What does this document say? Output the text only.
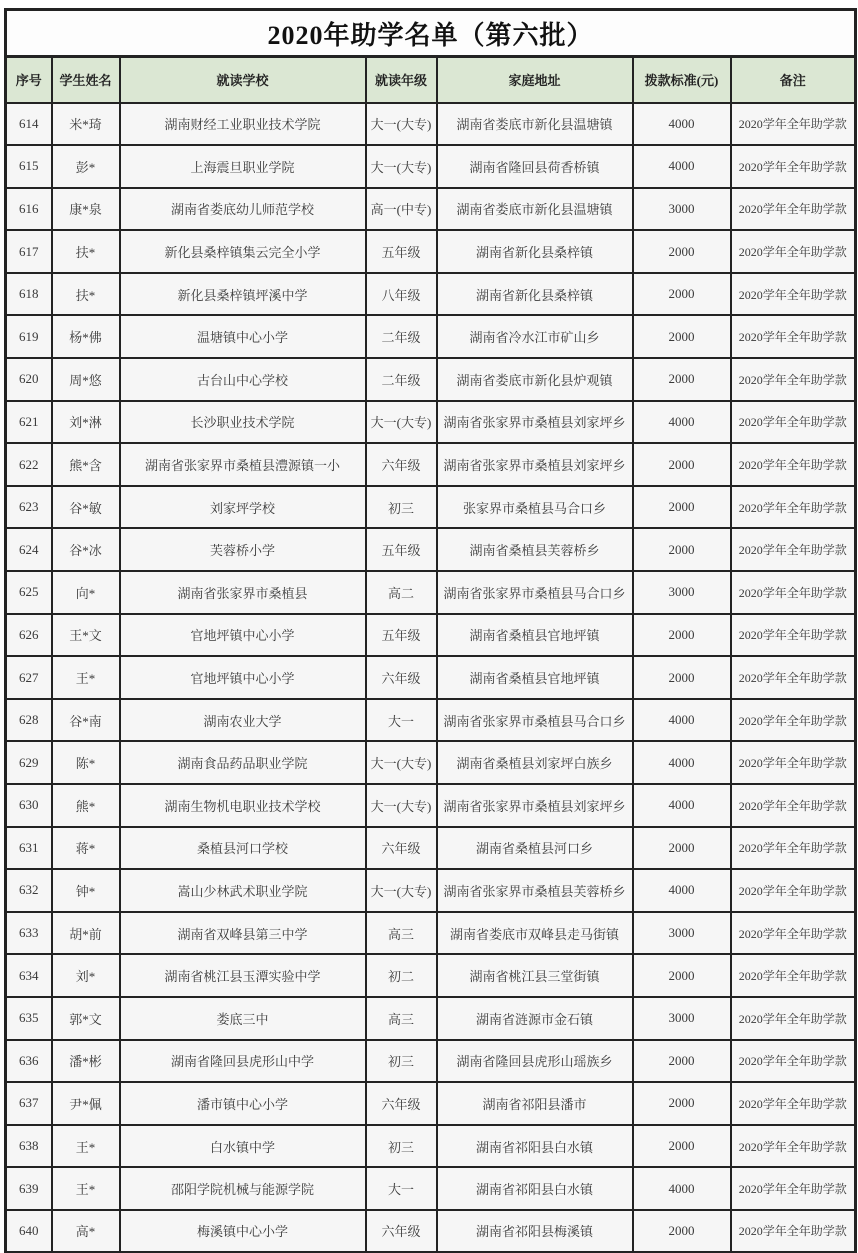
2020年助学名单（第六批）						
序号	学生姓名	就读学校	就读年级	家庭地址	拨款标准(元)	备注
614	米*琦	湖南财经工业职业技术学院	大一(大专)	湖南省娄底市新化县温塘镇	4000	2020学年全年助学款
615	彭*	上海震旦职业学院	大一(大专)	湖南省隆回县荷香桥镇	4000	2020学年全年助学款
616	康*泉	湖南省娄底幼儿师范学校	高一(中专)	湖南省娄底市新化县温塘镇	3000	2020学年全年助学款
617	扶*	新化县桑梓镇集云完全小学	五年级	湖南省新化县桑梓镇	2000	2020学年全年助学款
618	扶*	新化县桑梓镇坪溪中学	八年级	湖南省新化县桑梓镇	2000	2020学年全年助学款
619	杨*佛	温塘镇中心小学	二年级	湖南省冷水江市矿山乡	2000	2020学年全年助学款
620	周*悠	古台山中心学校	二年级	湖南省娄底市新化县炉观镇	2000	2020学年全年助学款
621	刘*淋	长沙职业技术学院	大一(大专)	湖南省张家界市桑植县刘家坪乡	4000	2020学年全年助学款
622	熊*含	湖南省张家界市桑植县澧源镇一小	六年级	湖南省张家界市桑植县刘家坪乡	2000	2020学年全年助学款
623	谷*敏	刘家坪学校	初三	张家界市桑植县马合口乡	2000	2020学年全年助学款
624	谷*冰	芙蓉桥小学	五年级	湖南省桑植县芙蓉桥乡	2000	2020学年全年助学款
625	向*	湖南省张家界市桑植县	高二	湖南省张家界市桑植县马合口乡	3000	2020学年全年助学款
626	王*文	官地坪镇中心小学	五年级	湖南省桑植县官地坪镇	2000	2020学年全年助学款
627	王*	官地坪镇中心小学	六年级	湖南省桑植县官地坪镇	2000	2020学年全年助学款
628	谷*南	湖南农业大学	大一	湖南省张家界市桑植县马合口乡	4000	2020学年全年助学款
629	陈*	湖南食品药品职业学院	大一(大专)	湖南省桑植县刘家坪白族乡	4000	2020学年全年助学款
630	熊*	湖南生物机电职业技术学校	大一(大专)	湖南省张家界市桑植县刘家坪乡	4000	2020学年全年助学款
631	蒋*	桑植县河口学校	六年级	湖南省桑植县河口乡	2000	2020学年全年助学款
632	钟*	嵩山少林武术职业学院	大一(大专)	湖南省张家界市桑植县芙蓉桥乡	4000	2020学年全年助学款
633	胡*前	湖南省双峰县第三中学	高三	湖南省娄底市双峰县走马街镇	3000	2020学年全年助学款
634	刘*	湖南省桃江县玉潭实验中学	初二	湖南省桃江县三堂街镇	2000	2020学年全年助学款
635	郭*文	娄底三中	高三	湖南省涟源市金石镇	3000	2020学年全年助学款
636	潘*彬	湖南省隆回县虎形山中学	初三	湖南省隆回县虎形山瑶族乡	2000	2020学年全年助学款
637	尹*佩	潘市镇中心小学	六年级	湖南省祁阳县潘市	2000	2020学年全年助学款
638	王*	白水镇中学	初三	湖南省祁阳县白水镇	2000	2020学年全年助学款
639	王*	邵阳学院机械与能源学院	大一	湖南省祁阳县白水镇	4000	2020学年全年助学款
640	高*	梅溪镇中心小学	六年级	湖南省祁阳县梅溪镇	2000	2020学年全年助学款
